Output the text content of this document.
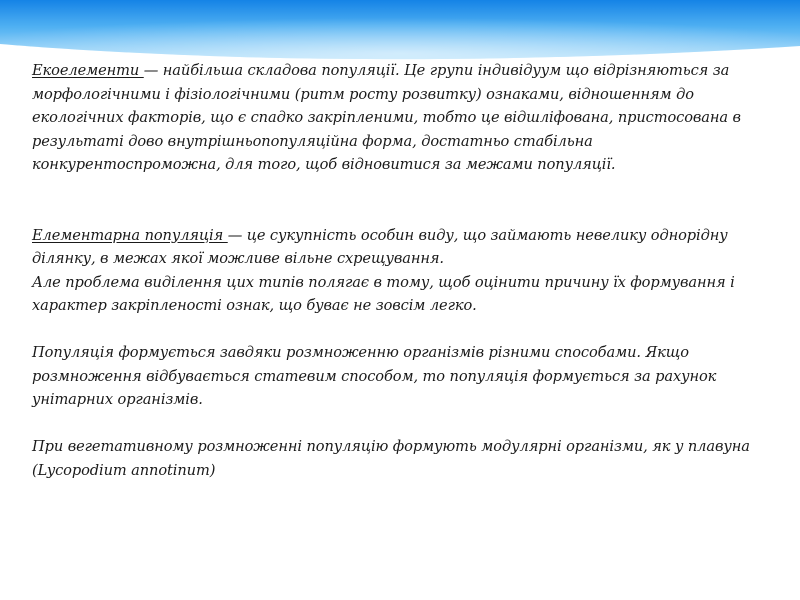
Екоелементи — найбільша складова популяції. Це групи індивідуум що відрізняються за морфологічними і фізіологічними (ритм росту розвитку) ознаками, відношенням до екологічних факторів, що є спадко закріпленими, тобто це відшліфована, пристосована в результаті дово внутрішньопопуляційна форма, достатньо стабільна конкурентоспроможна, для того, щоб відновитися за межами популяції.

Елементарна популяція — це сукупність особин виду, що займають невелику однорідну ділянку, в межах якої можливе вільне схрещування.

Але проблема виділення цих типів полягає в тому, щоб оцінити причину їх формування і характер закріпленості ознак, що буває не зовсім легко.

Популяція формується завдяки розмноженню організмів різними способами. Якщо розмноження відбувається статевим способом, то популяція формується за рахунок унітарних організмів.

При вегетативному розмноженні популяцію формують модулярні організми, як у плавуна (Lycopodium annotinum)
